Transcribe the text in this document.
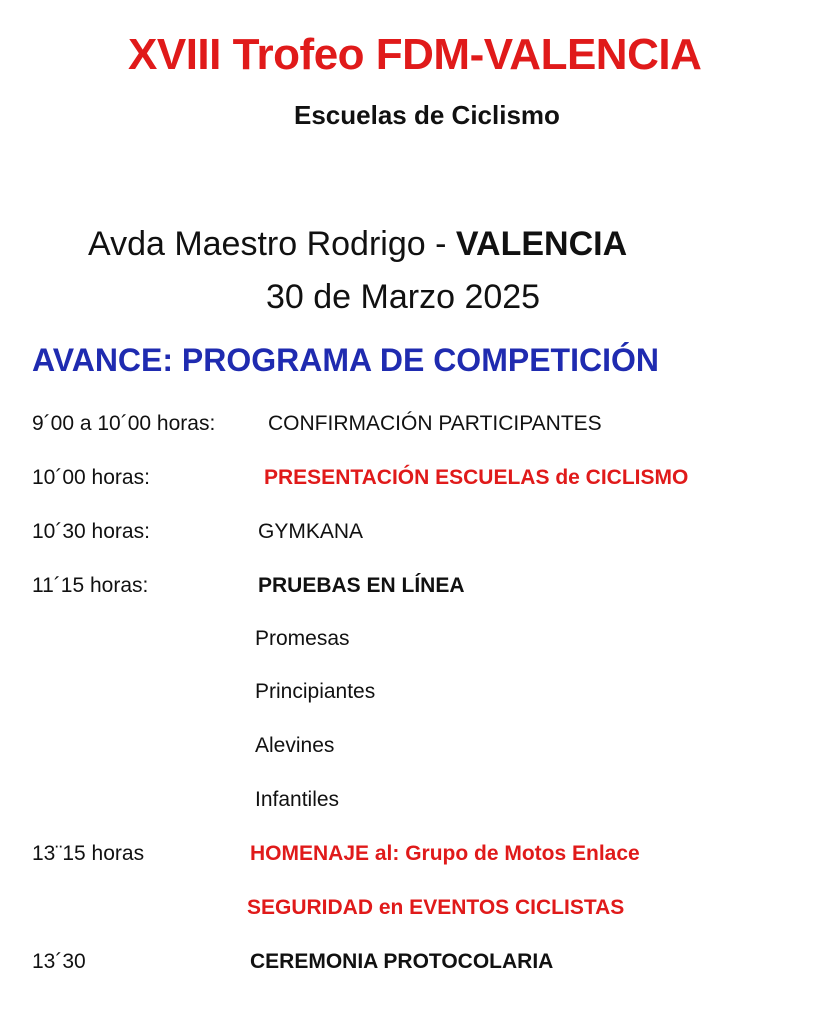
XVIII Trofeo FDM-VALENCIA
Escuelas de Ciclismo
Avda Maestro Rodrigo - VALENCIA
30 de Marzo 2025
AVANCE: PROGRAMA DE COMPETICIÓN
9´00 a 10´00 horas:	CONFIRMACIÓN PARTICIPANTES
10´00 horas:	PRESENTACIÓN ESCUELAS de CICLISMO
10´30 horas:	GYMKANA
11´15 horas:	PRUEBAS EN LÍNEA
Promesas
Principiantes
Alevines
Infantiles
13¨15 horas	HOMENAJE al: Grupo de Motos Enlace
SEGURIDAD en EVENTOS CICLISTAS
13´30	CEREMONIA PROTOCOLARIA
